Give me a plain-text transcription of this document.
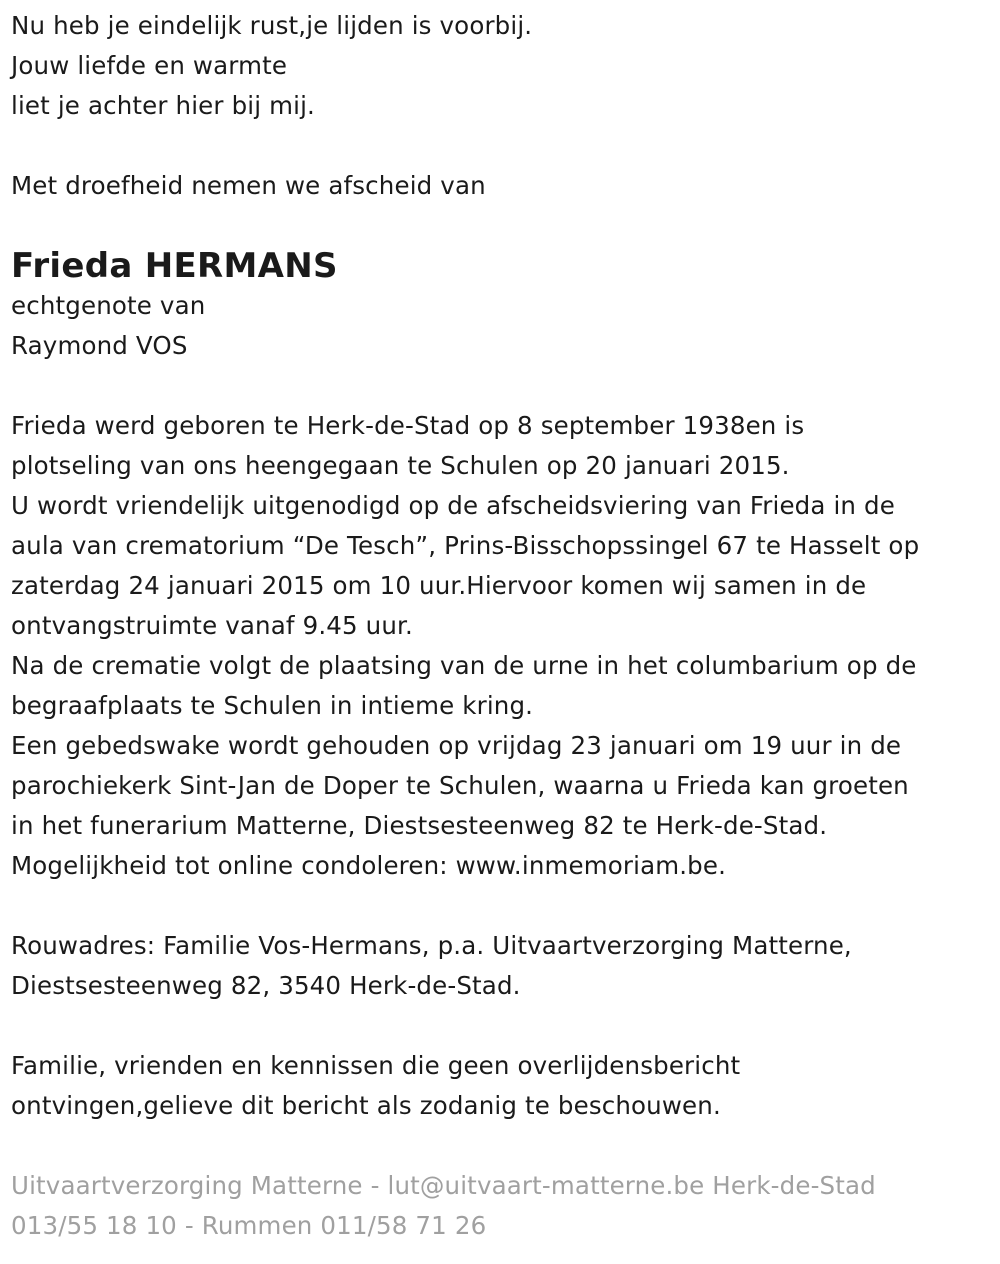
Nu heb je eindelijk rust,je lijden is voorbij.
Jouw liefde en warmte
liet je achter hier bij mij.
Met droefheid nemen we afscheid van
Frieda HERMANS
echtgenote van
Raymond VOS
Frieda werd geboren te Herk-de-Stad op 8 september 1938en is
plotseling van ons heengegaan te Schulen op 20 januari 2015.
U wordt vriendelijk uitgenodigd op de afscheidsviering van Frieda in de
aula van crematorium “De Tesch”, Prins-Bisschopssingel 67 te Hasselt op
zaterdag 24 januari 2015 om 10 uur.Hiervoor komen wij samen in de
ontvangstruimte vanaf 9.45 uur.
Na de crematie volgt de plaatsing van de urne in het columbarium op de
begraafplaats te Schulen in intieme kring.
Een gebedswake wordt gehouden op vrijdag 23 januari om 19 uur in de
parochiekerk Sint-Jan de Doper te Schulen, waarna u Frieda kan groeten
in het funerarium Matterne, Diestsesteenweg 82 te Herk-de-Stad.
Mogelijkheid tot online condoleren: www.inmemoriam.be.
Rouwadres: Familie Vos-Hermans, p.a. Uitvaartverzorging Matterne,
Diestsesteenweg 82, 3540 Herk-de-Stad.
Familie, vrienden en kennissen die geen overlijdensbericht
ontvingen,gelieve dit bericht als zodanig te beschouwen.
Uitvaartverzorging Matterne - lut@uitvaart-matterne.be Herk-de-Stad
013/55 18 10 - Rummen 011/58 71 26
